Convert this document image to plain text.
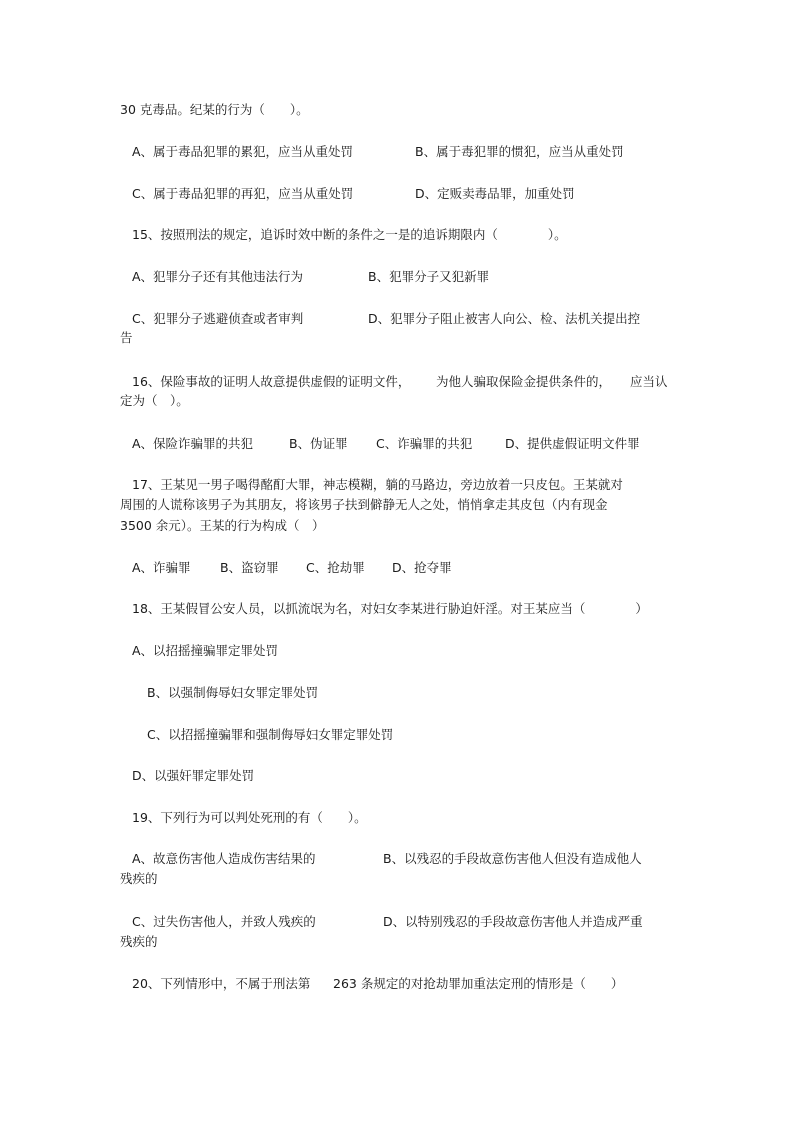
30 克毒品。纪某的行为（　　）。
A、属于毒品犯罪的累犯，应当从重处罚	B、属于毒犯罪的惯犯，应当从重处罚
C、属于毒品犯罪的再犯，应当从重处罚	D、定贩卖毒品罪，加重处罚
15、按照刑法的规定，追诉时效中断的条件之一是的追诉期限内（　　　　）。
A、犯罪分子还有其他违法行为	B、犯罪分子又犯新罪
C、犯罪分子逃避侦查或者审判	D、犯罪分子阻止被害人向公、检、法机关提出控
告
16、保险事故的证明人故意提供虚假的证明文件， 为他人骗取保险金提供条件的， 应当认
定为（　）。
A、保险诈骗罪的共犯	B、伪证罪 C、诈骗罪的共犯	D、提供虚假证明文件罪
17、王某见一男子喝得酩酊大罪，神志模糊，躺的马路边，旁边放着一只皮包。王某就对
周围的人谎称该男子为其朋友，将该男子扶到僻静无人之处，悄悄拿走其皮包（内有现金
3500 余元）。王某的行为构成（　）
A、诈骗罪 B、盗窃罪 C、抢劫罪 D、抢夺罪
18、王某假冒公安人员，以抓流氓为名，对妇女李某进行胁迫奸淫。对王某应当（　　　　）
A、以招摇撞骗罪定罪处罚
B、以强制侮辱妇女罪定罪处罚
C、以招摇撞骗罪和强制侮辱妇女罪定罪处罚
D、以强奸罪定罪处罚
19、下列行为可以判处死刑的有（　　）。
A、故意伤害他人造成伤害结果的	B、以残忍的手段故意伤害他人但没有造成他人
残疾的
C、过失伤害他人，并致人残疾的	D、以特别残忍的手段故意伤害他人并造成严重
残疾的
20、下列情形中，不属于刑法第 263 条规定的对抢劫罪加重法定刑的情形是（　　）
